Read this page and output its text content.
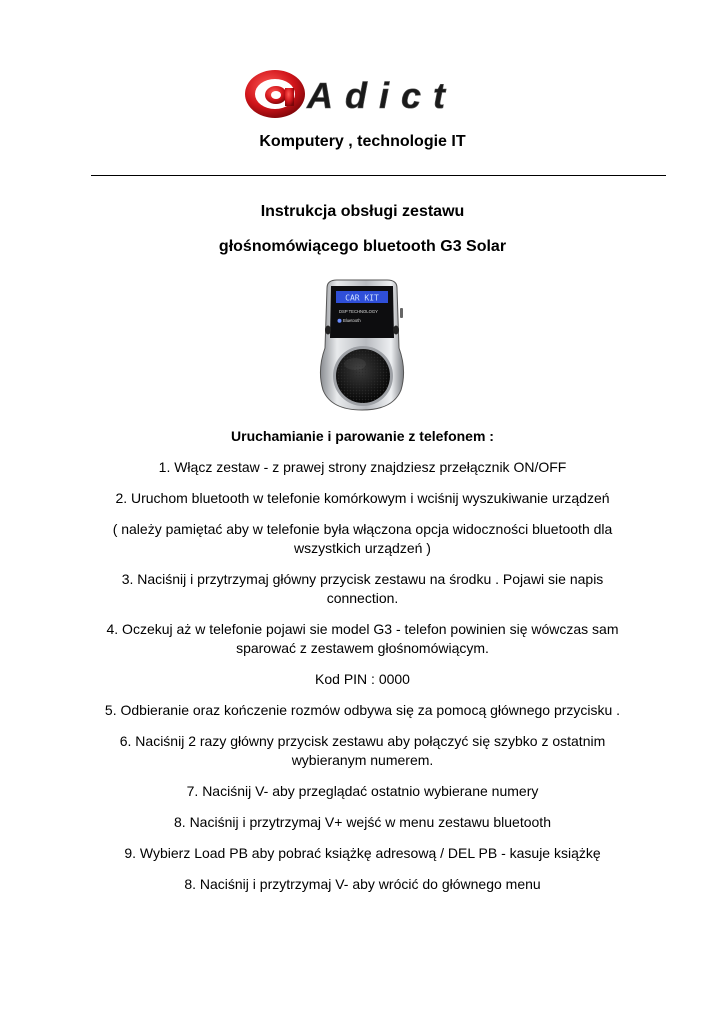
Adict
Komputery , technologie IT
Instrukcja obsługi zestawu
głośnomówiącego bluetooth G3 Solar
CAR KIT
DSP TECHNOLOGY
Bluetooth
Uruchamianie i parowanie z telefonem :
1. Włącz zestaw - z prawej strony znajdziesz przełącznik ON/OFF
2. Uruchom bluetooth w telefonie komórkowym i wciśnij wyszukiwanie urządzeń
( należy pamiętać aby w telefonie była włączona opcja widoczności bluetooth dla wszystkich urządzeń )
3. Naciśnij i przytrzymaj główny przycisk zestawu na środku . Pojawi sie napis connection.
4. Oczekuj aż w telefonie pojawi sie model G3 - telefon powinien się wówczas sam sparować z zestawem głośnomówiącym.
Kod PIN : 0000
5. Odbieranie oraz kończenie rozmów odbywa się za pomocą głównego przycisku .
6. Naciśnij 2 razy główny przycisk zestawu aby połączyć się szybko z ostatnim wybieranym numerem.
7. Naciśnij V- aby przeglądać ostatnio wybierane numery
8. Naciśnij i przytrzymaj V+ wejść w menu zestawu bluetooth
9. Wybierz Load PB aby pobrać książkę adresową / DEL PB - kasuje książkę
8. Naciśnij i przytrzymaj V- aby wrócić do głównego menu
